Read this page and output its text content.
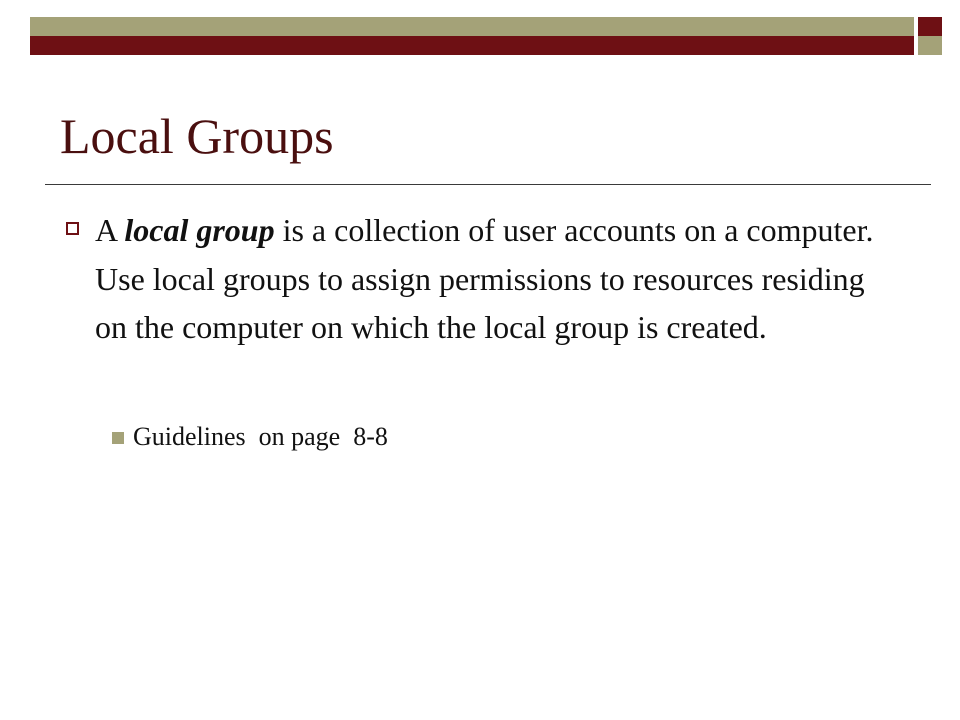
Local Groups

A local group is a collection of user accounts on a computer. Use local groups to assign permissions to resources residing on the computer on which the local group is created.

Guidelines  on page  8-8
